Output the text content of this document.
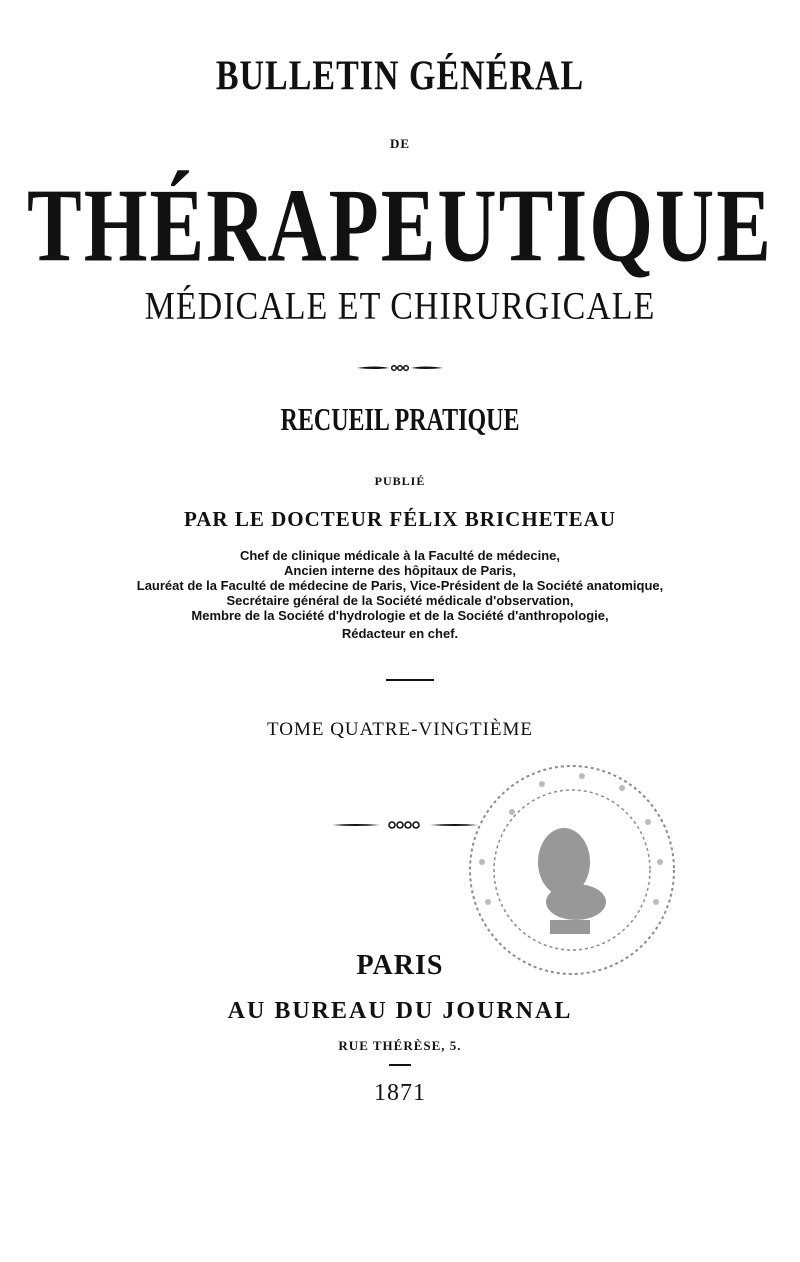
BULLETIN GÉNÉRAL
DE
THÉRAPEUTIQUE
MÉDICALE ET CHIRURGICALE
RECUEIL PRATIQUE
PUBLIÉ
PAR LE DOCTEUR FÉLIX BRICHETEAU
Chef de clinique médicale à la Faculté de médecine,
Ancien interne des hôpitaux de Paris,
Lauréat de la Faculté de médecine de Paris, Vice-Président de la Société anatomique,
Secrétaire général de la Société médicale d'observation,
Membre de la Société d'hydrologie et de la Société d'anthropologie,
Rédacteur en chef.
TOME QUATRE-VINGTIÈME
PARIS
AU BUREAU DU JOURNAL
RUE THÉRÈSE, 5.
1871
